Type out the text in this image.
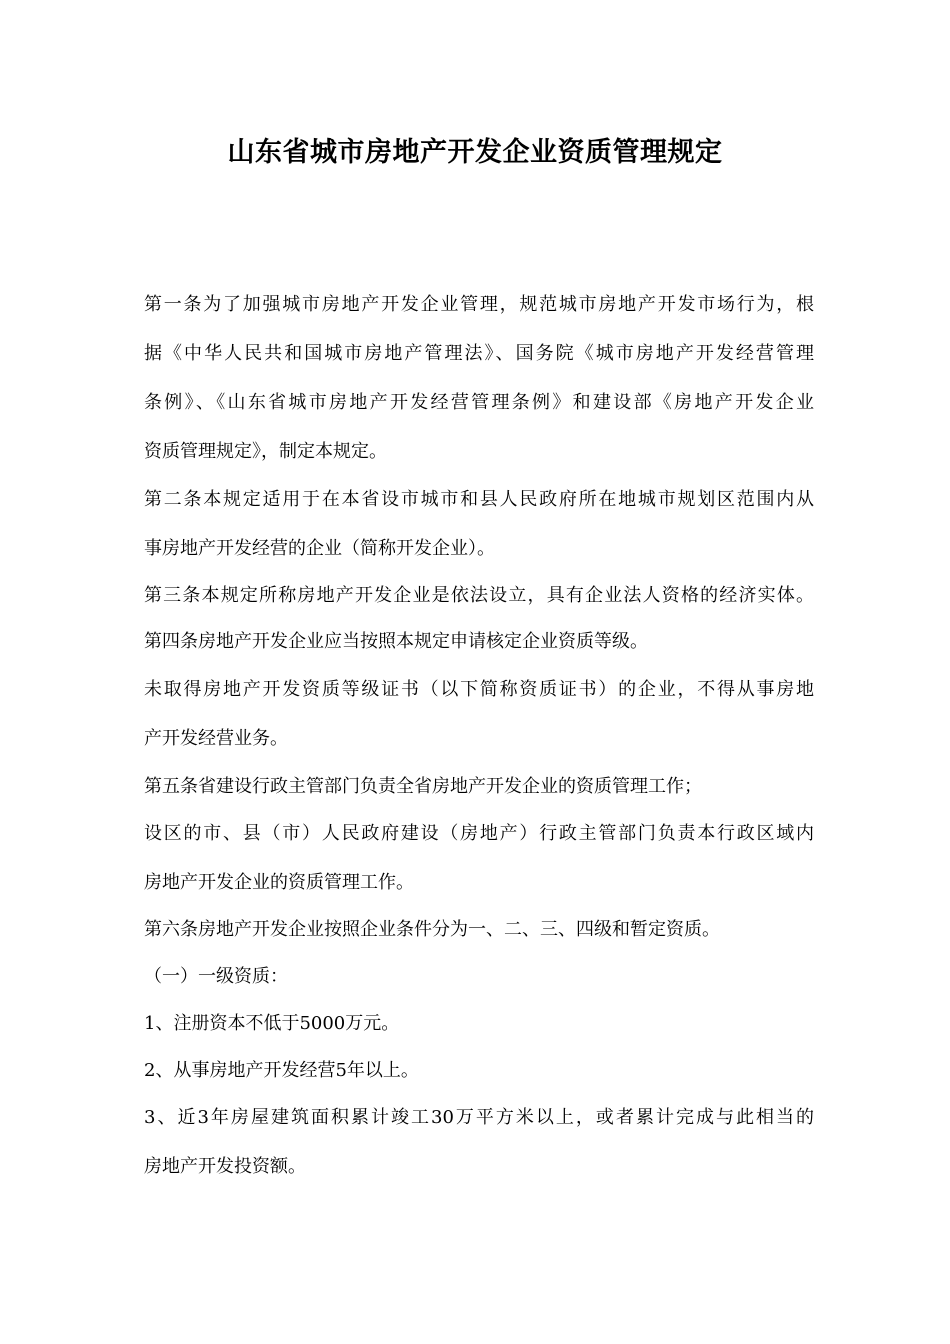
山东省城市房地产开发企业资质管理规定

第一条为了加强城市房地产开发企业管理，规范城市房地产开发市场行为，根

据《中华人民共和国城市房地产管理法》、国务院《城市房地产开发经营管理

条例》、《山东省城市房地产开发经营管理条例》和建设部《房地产开发企业

资质管理规定》，制定本规定。

第二条本规定适用于在本省设市城市和县人民政府所在地城市规划区范围内从

事房地产开发经营的企业（简称开发企业）。

第三条本规定所称房地产开发企业是依法设立，具有企业法人资格的经济实体。

第四条房地产开发企业应当按照本规定申请核定企业资质等级。

未取得房地产开发资质等级证书（以下简称资质证书）的企业，不得从事房地

产开发经营业务。

第五条省建设行政主管部门负责全省房地产开发企业的资质管理工作；

设区的市、县（市）人民政府建设（房地产）行政主管部门负责本行政区域内

房地产开发企业的资质管理工作。

第六条房地产开发企业按照企业条件分为一、二、三、四级和暂定资质。

（一）一级资质：

1、注册资本不低于5000万元。

2、从事房地产开发经营5年以上。

3、近3年房屋建筑面积累计竣工30万平方米以上，或者累计完成与此相当的

房地产开发投资额。
